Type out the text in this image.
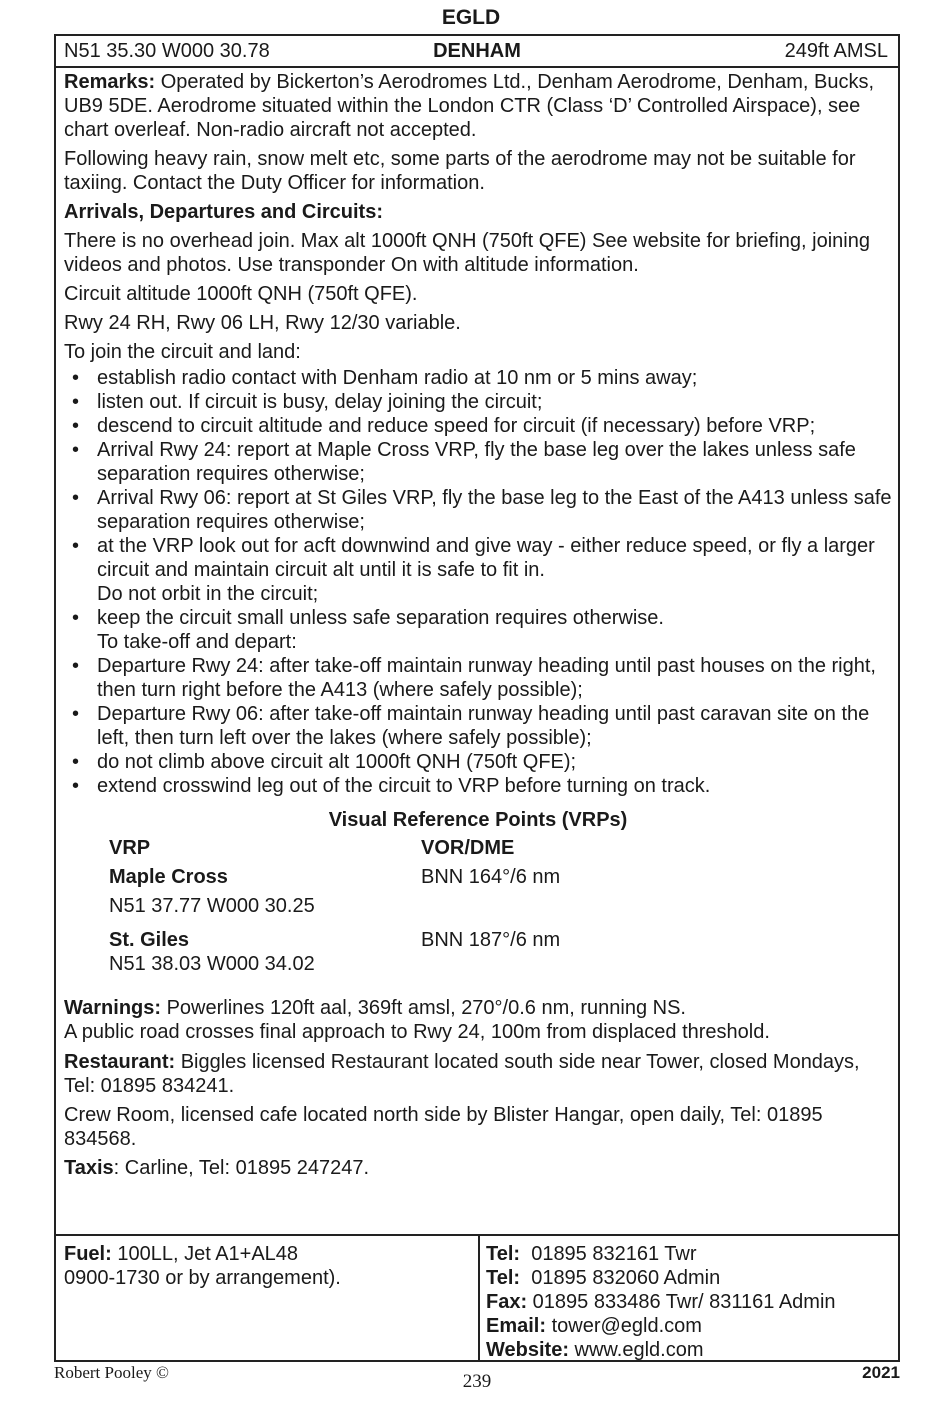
EGLD
N51 35.30 W000 30.78	DENHAM	249ft AMSL

Remarks: Operated by Bickerton’s Aerodromes Ltd., Denham Aerodrome, Denham, Bucks, UB9 5DE. Aerodrome situated within the London CTR (Class ‘D’ Controlled Airspace), see chart overleaf. Non-radio aircraft not accepted.

Following heavy rain, snow melt etc, some parts of the aerodrome may not be suitable for taxiing. Contact the Duty Officer for information.

Arrivals, Departures and Circuits:

There is no overhead join. Max alt 1000ft QNH (750ft QFE) See website for briefing, joining videos and photos. Use transponder On with altitude information.

Circuit altitude 1000ft QNH (750ft QFE).

Rwy 24 RH, Rwy 06 LH, Rwy 12/30 variable.

To join the circuit and land:

• establish radio contact with Denham radio at 10 nm or 5 mins away;
• listen out. If circuit is busy, delay joining the circuit;
• descend to circuit altitude and reduce speed for circuit (if necessary) before VRP;
• Arrival Rwy 24: report at Maple Cross VRP, fly the base leg over the lakes unless safe separation requires otherwise;
• Arrival Rwy 06: report at St Giles VRP, fly the base leg to the East of the A413 unless safe separation requires otherwise;
• at the VRP look out for acft downwind and give way - either reduce speed, or fly a larger circuit and maintain circuit alt until it is safe to fit in.
Do not orbit in the circuit;
• keep the circuit small unless safe separation requires otherwise.
To take-off and depart:
• Departure Rwy 24: after take-off maintain runway heading until past houses on the right, then turn right before the A413 (where safely possible);
• Departure Rwy 06: after take-off maintain runway heading until past caravan site on the left, then turn left over the lakes (where safely possible);
• do not climb above circuit alt 1000ft QNH (750ft QFE);
• extend crosswind leg out of the circuit to VRP before turning on track.
Visual Reference Points (VRPs)
VRP	VOR/DME
Maple Cross	BNN 164°/6 nm
N51 37.77 W000 30.25
St. Giles	BNN 187°/6 nm
N51 38.03 W000 34.02

Warnings: Powerlines 120ft aal, 369ft amsl, 270°/0.6 nm, running NS.
A public road crosses final approach to Rwy 24, 100m from displaced threshold.

Restaurant: Biggles licensed Restaurant located south side near Tower, closed Mondays, Tel: 01895 834241.

Crew Room, licensed cafe located north side by Blister Hangar, open daily, Tel: 01895 834568.

Taxis: Carline, Tel: 01895 247247.

Fuel: 100LL, Jet A1+AL48
0900-1730 or by arrangement).
Tel:  01895 832161 Twr
Tel:  01895 832060 Admin
Fax: 01895 833486 Twr/ 831161 Admin
Email: tower@egld.com
Website: www.egld.com
Robert Pooley ©	239	2021
